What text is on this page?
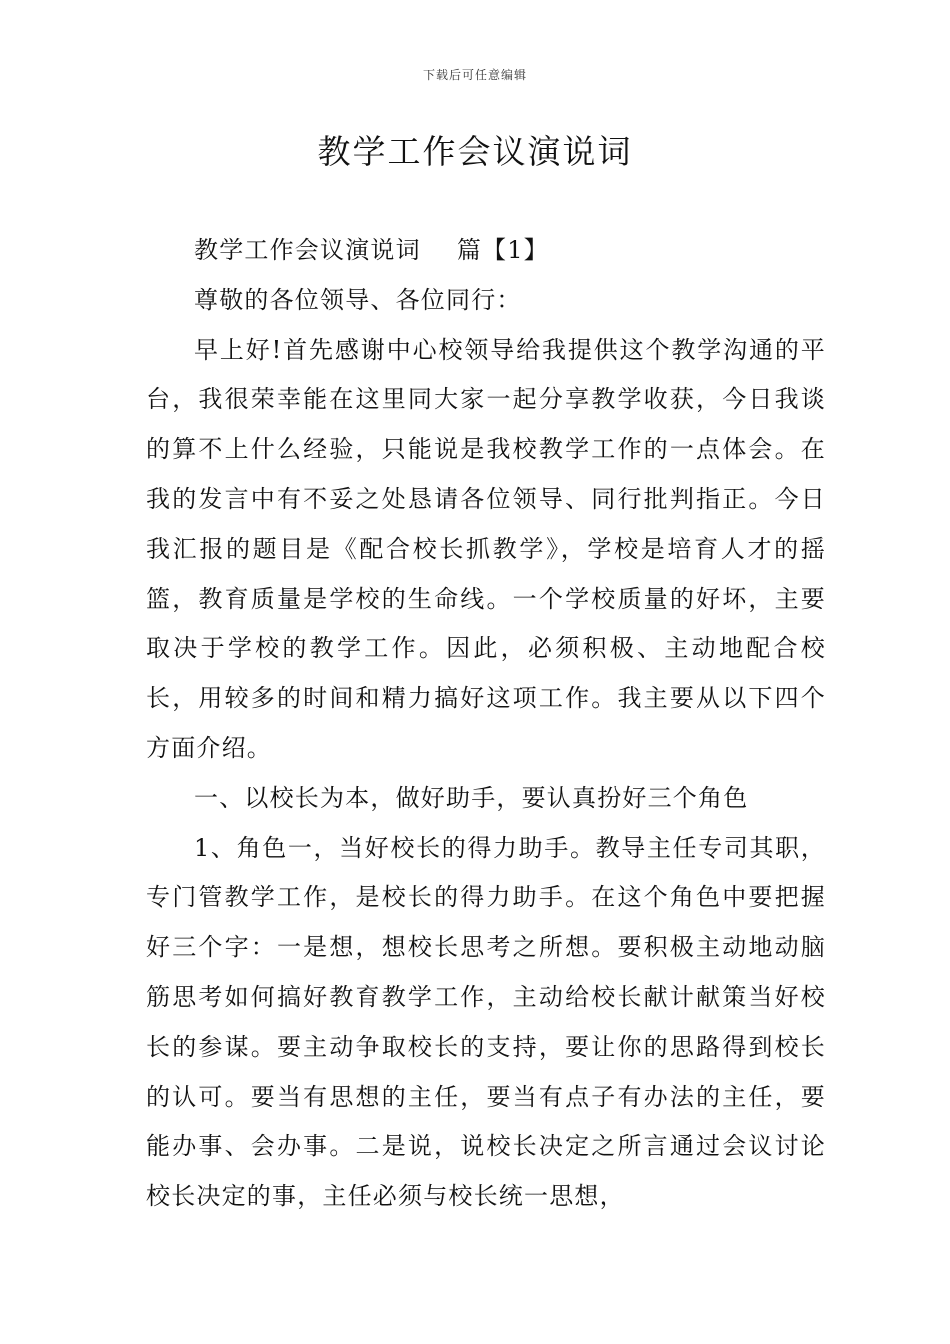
下载后可任意编辑
教学工作会议演说词

教学工作会议演说词 篇【1】

尊敬的各位领导、各位同行：

早上好!首先感谢中心校领导给我提供这个教学沟通的平台，我很荣幸能在这里同大家一起分享教学收获，今日我谈的算不上什么经验，只能说是我校教学工作的一点体会。在我的发言中有不妥之处恳请各位领导、同行批判指正。今日我汇报的题目是《配合校长抓教学》，学校是培育人才的摇篮，教育质量是学校的生命线。一个学校质量的好坏，主要取决于学校的教学工作。因此，必须积极、主动地配合校长，用较多的时间和精力搞好这项工作。我主要从以下四个方面介绍。

一、以校长为本，做好助手，要认真扮好三个角色

1、角色一，当好校长的得力助手。教导主任专司其职，专门管教学工作，是校长的得力助手。在这个角色中要把握好三个字：一是想，想校长思考之所想。要积极主动地动脑筋思考如何搞好教育教学工作，主动给校长献计献策当好校长的参谋。要主动争取校长的支持，要让你的思路得到校长的认可。要当有思想的主任，要当有点子有办法的主任，要能办事、会办事。二是说，说校长决定之所言通过会议讨论校长决定的事，主任必须与校长统一思想，
